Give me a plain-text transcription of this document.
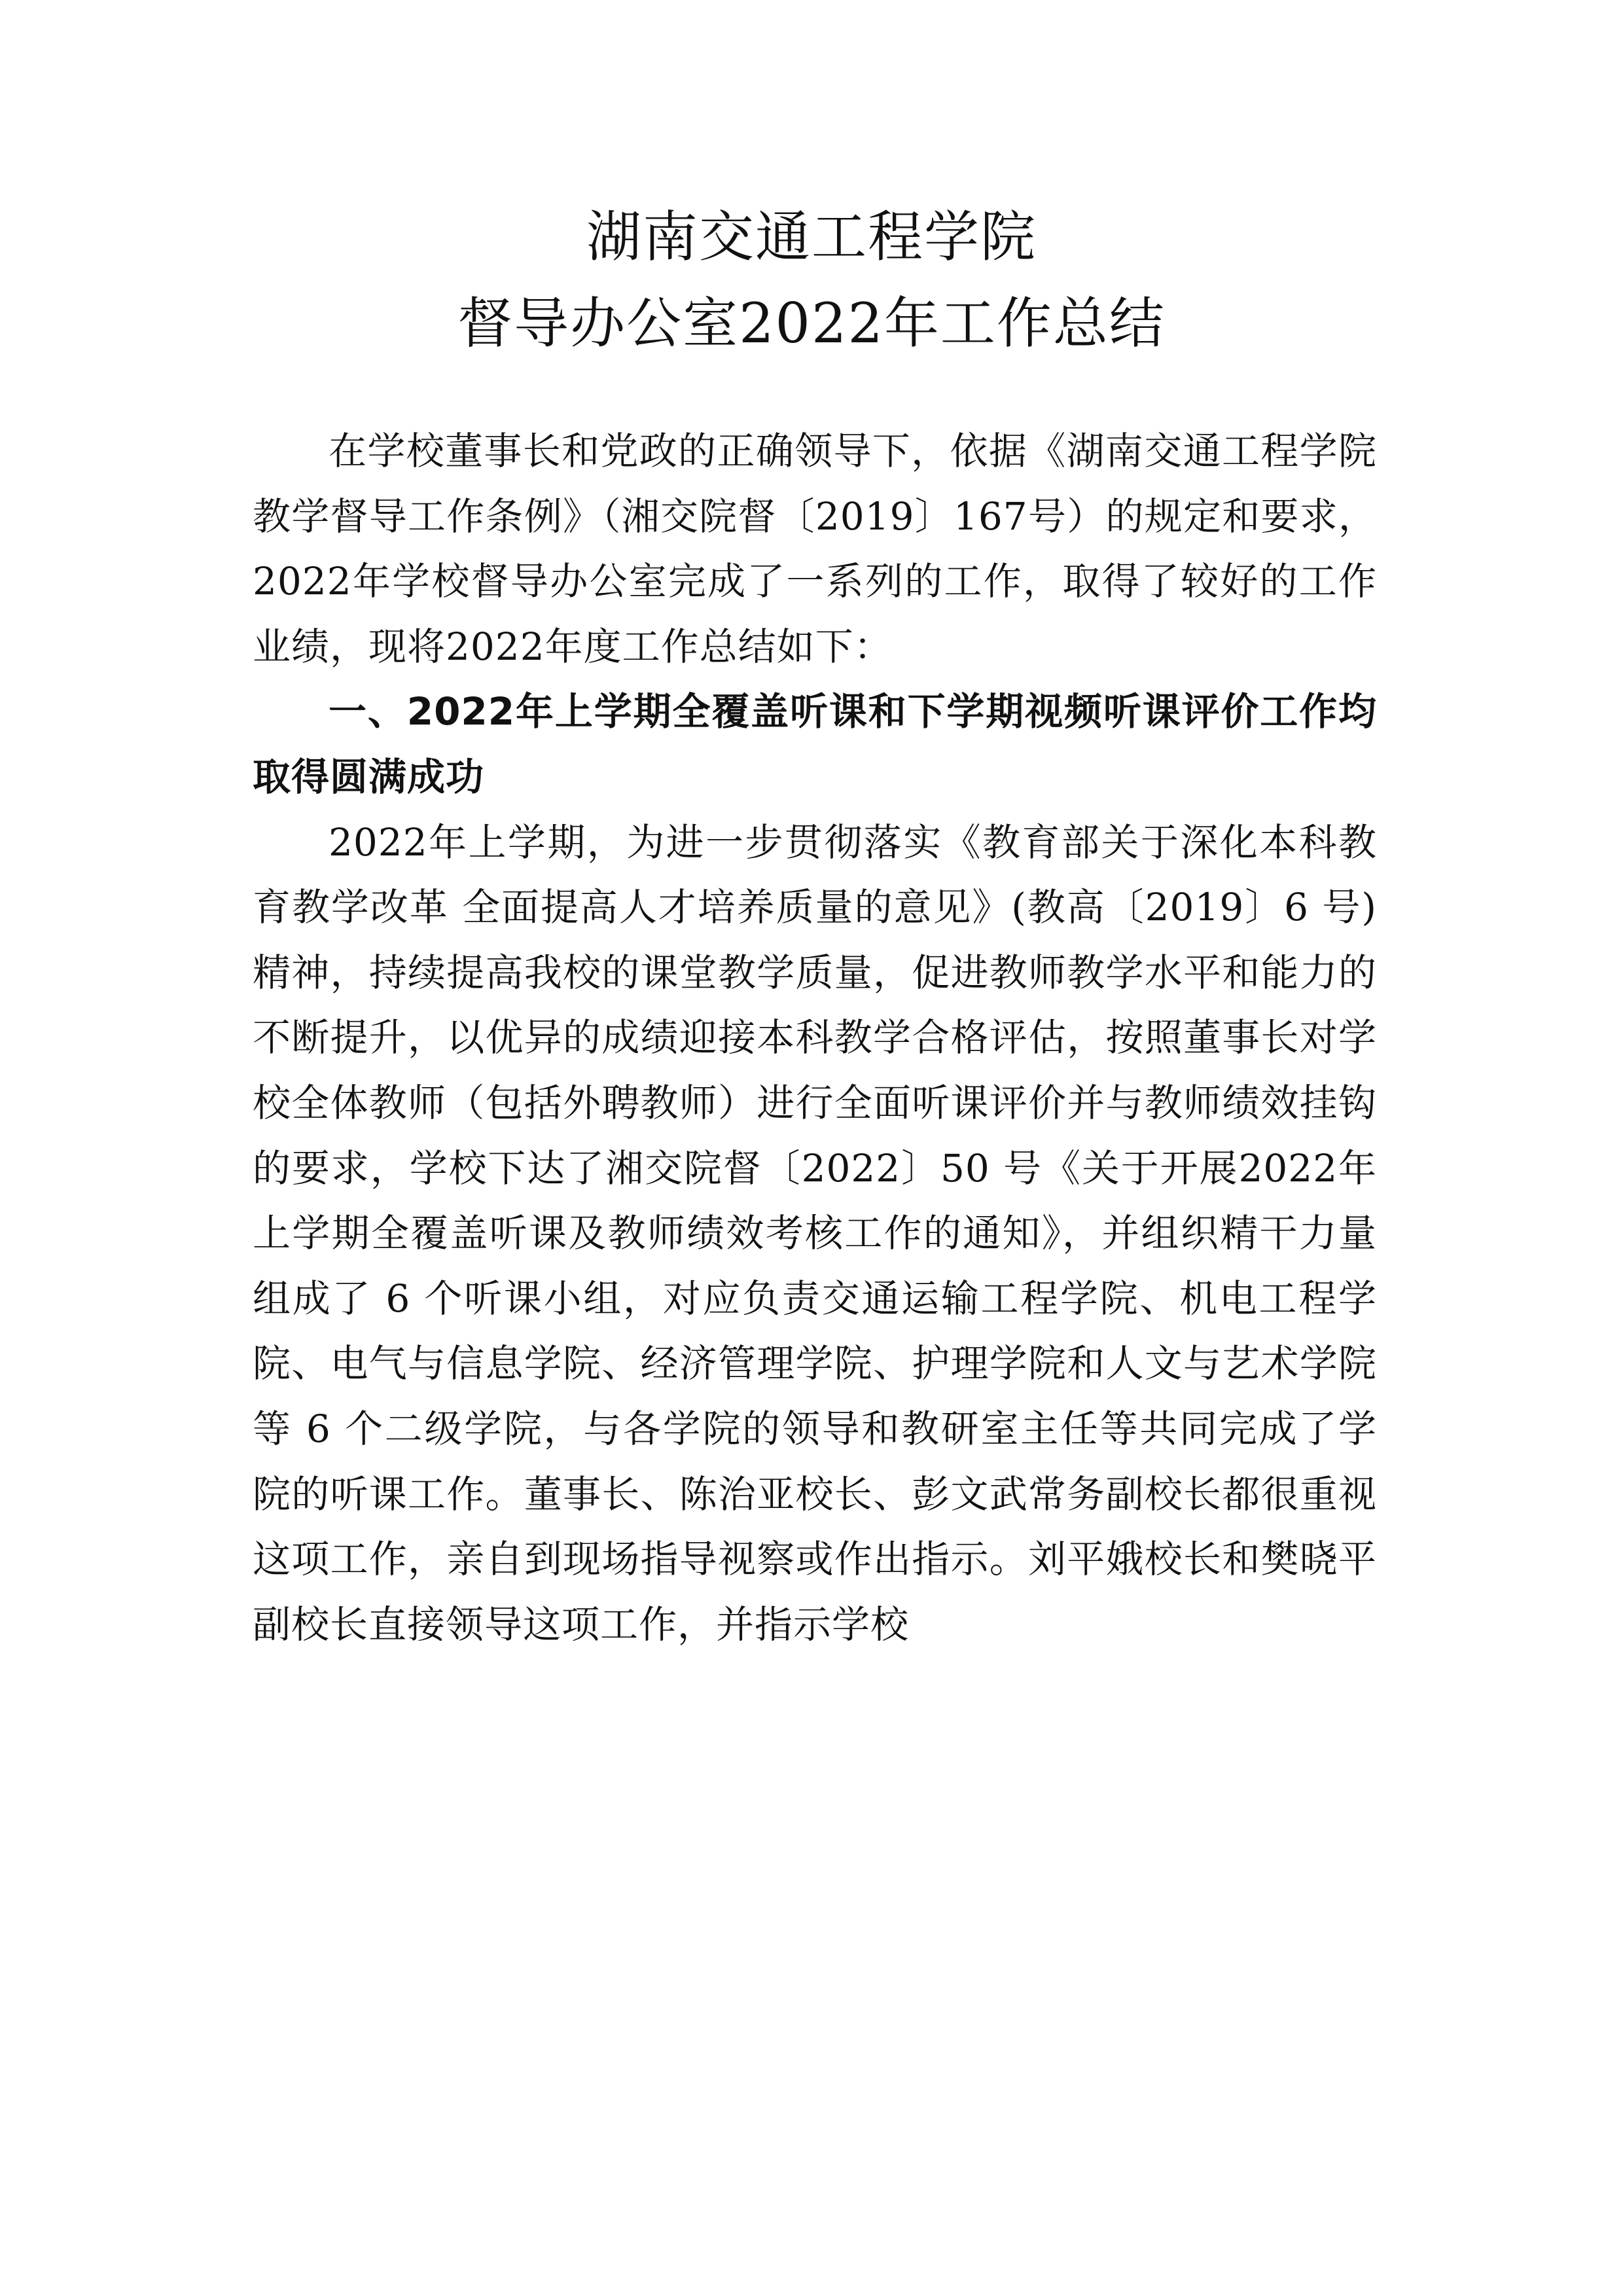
湖南交通工程学院
督导办公室2022年工作总结

在学校董事长和党政的正确领导下，依据《湖南交通工程学院教学督导工作条例》（湘交院督〔2019〕167号）的规定和要求，2022年学校督导办公室完成了一系列的工作，取得了较好的工作业绩，现将2022年度工作总结如下：

一、2022年上学期全覆盖听课和下学期视频听课评价工作均取得圆满成功

2022年上学期，为进一步贯彻落实《教育部关于深化本科教育教学改革 全面提高人才培养质量的意见》(教高〔2019〕6 号)精神，持续提高我校的课堂教学质量，促进教师教学水平和能力的不断提升，以优异的成绩迎接本科教学合格评估，按照董事长对学校全体教师（包括外聘教师）进行全面听课评价并与教师绩效挂钩的要求，学校下达了湘交院督〔2022〕50 号《关于开展2022年上学期全覆盖听课及教师绩效考核工作的通知》，并组织精干力量组成了 6 个听课小组，对应负责交通运输工程学院、机电工程学院、电气与信息学院、经济管理学院、护理学院和人文与艺术学院等 6 个二级学院，与各学院的领导和教研室主任等共同完成了学院的听课工作。董事长、陈治亚校长、彭文武常务副校长都很重视这项工作，亲自到现场指导视察或作出指示。刘平娥校长和樊晓平副校长直接领导这项工作，并指示学校
